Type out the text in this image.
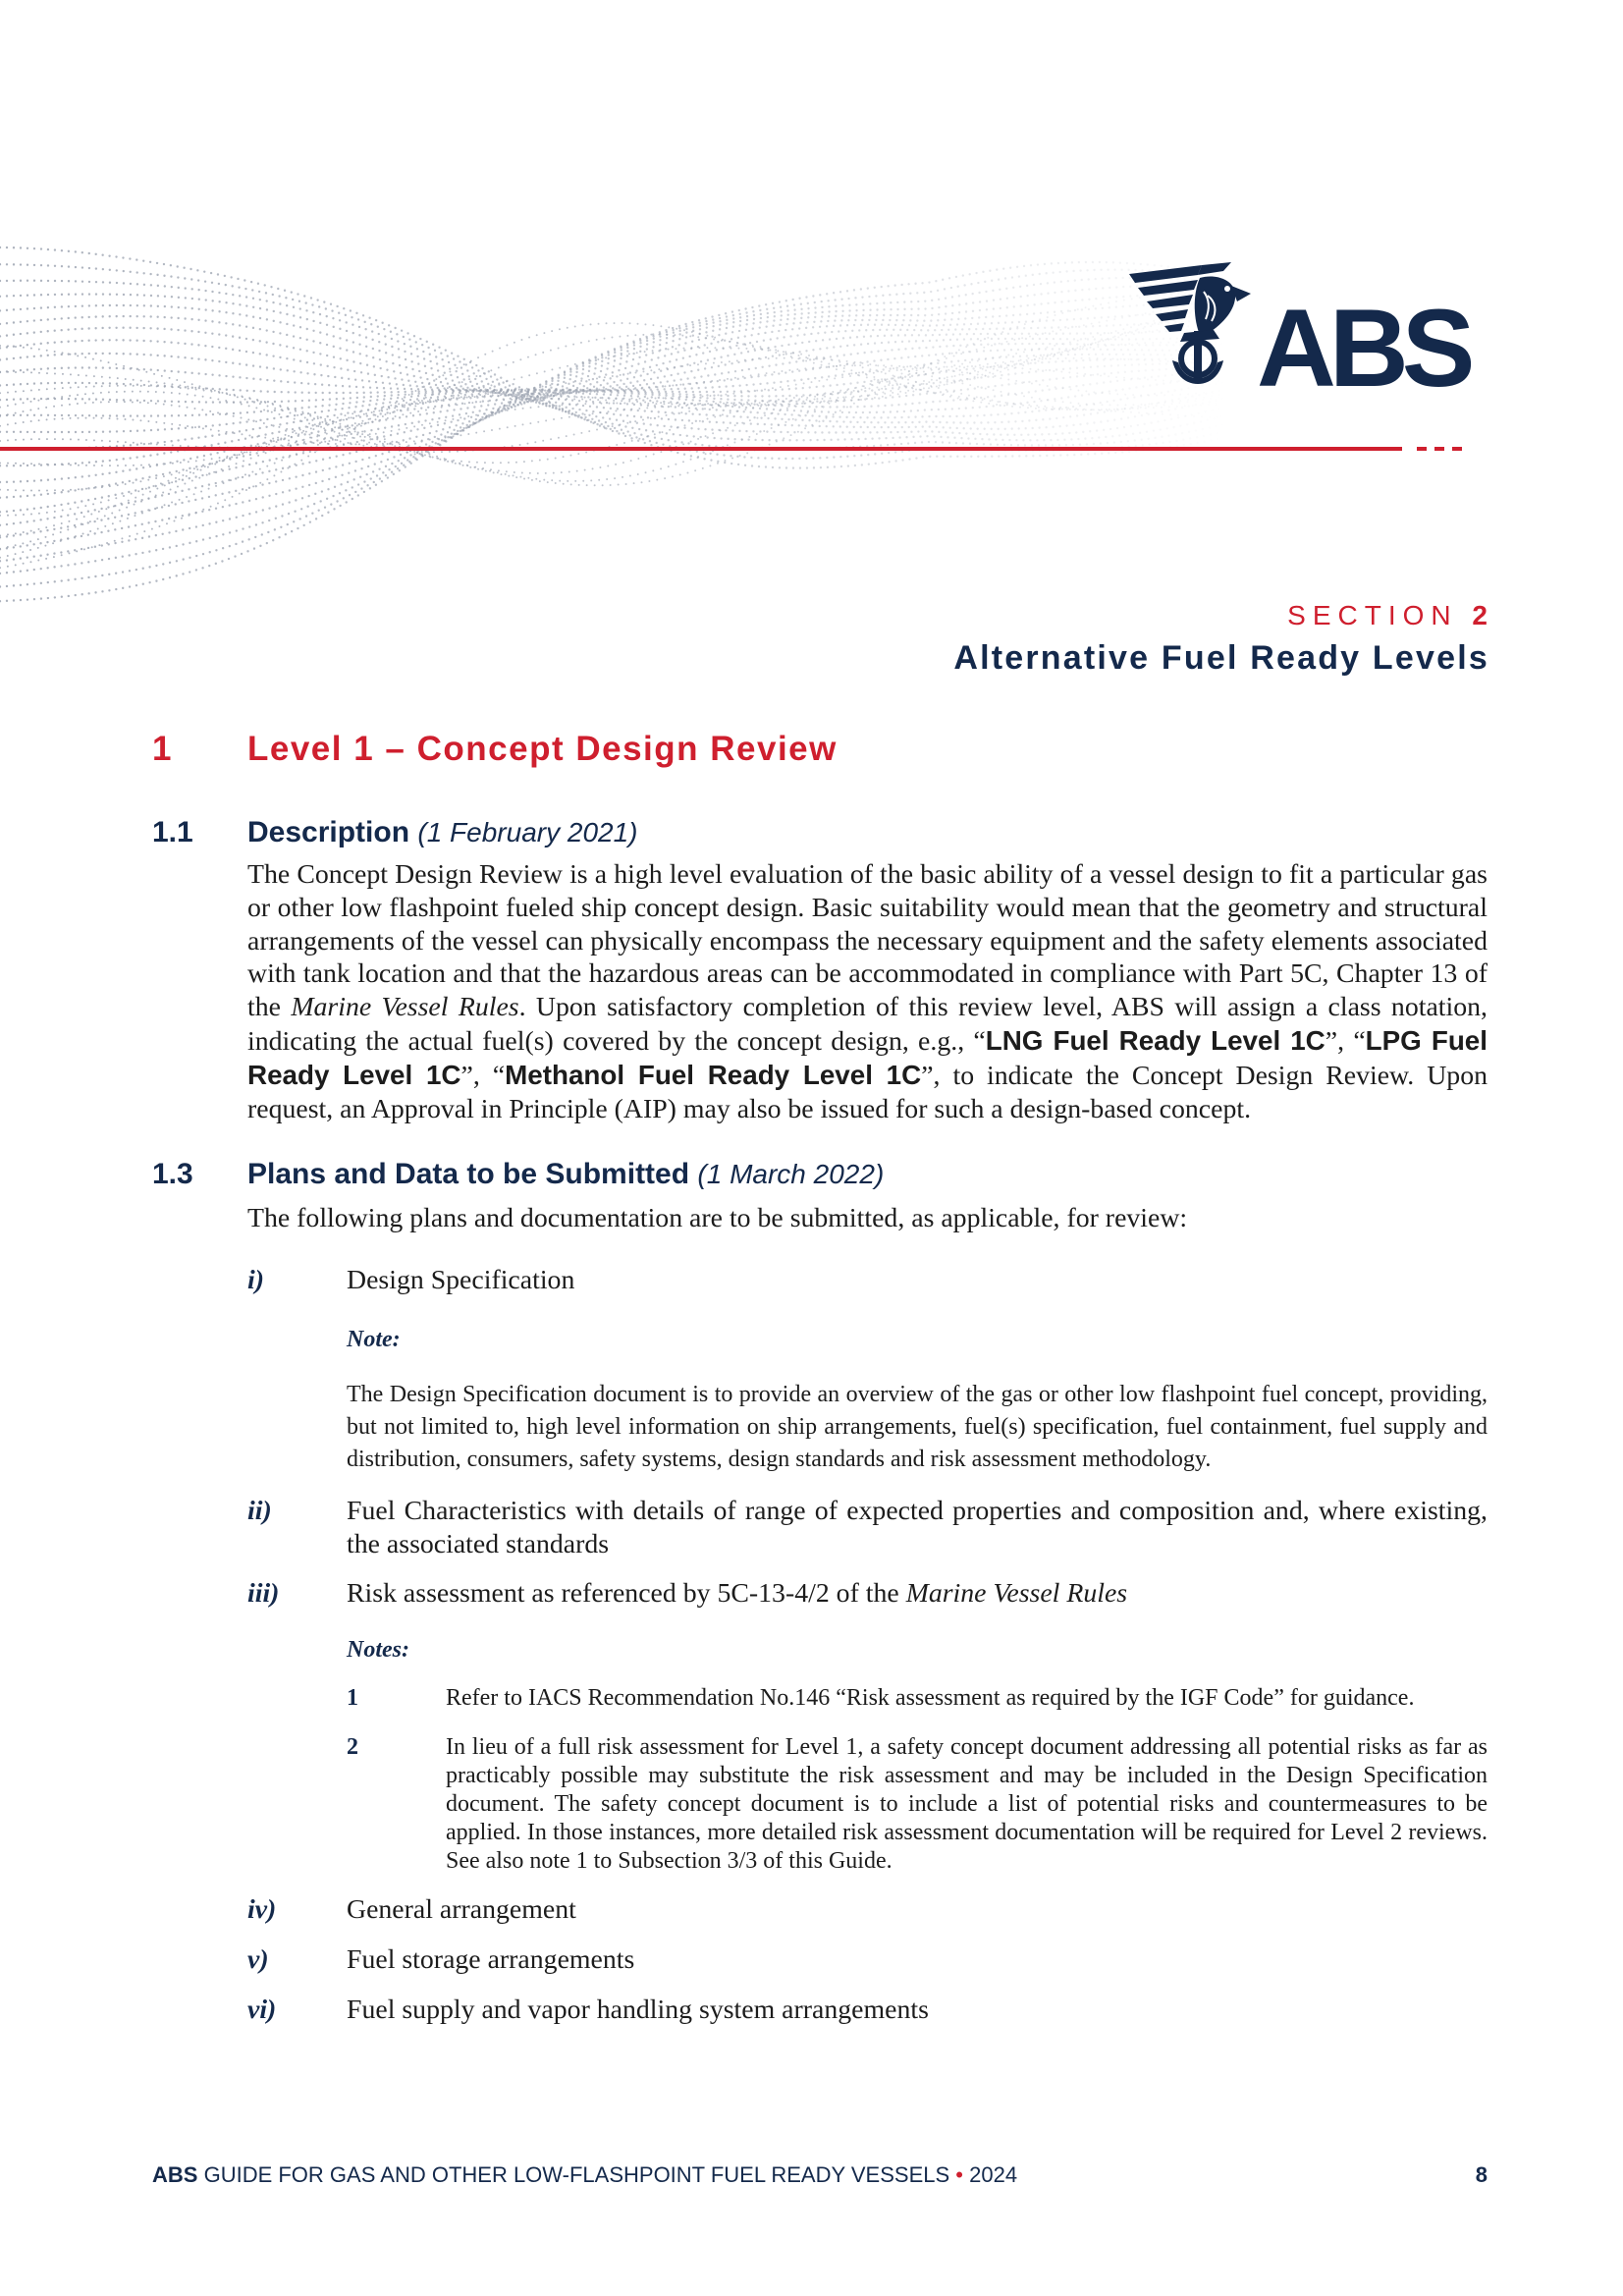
ABS
SECTION 2
Alternative Fuel Ready Levels
1	Level 1 – Concept Design Review
1.1	Description (1 February 2021)
The Concept Design Review is a high level evaluation of the basic ability of a vessel design to fit a particular gas or other low flashpoint fueled ship concept design. Basic suitability would mean that the geometry and structural arrangements of the vessel can physically encompass the necessary equipment and the safety elements associated with tank location and that the hazardous areas can be accommodated in compliance with Part 5C, Chapter 13 of the Marine Vessel Rules. Upon satisfactory completion of this review level, ABS will assign a class notation, indicating the actual fuel(s) covered by the concept design, e.g., “LNG Fuel Ready Level 1C”, “LPG Fuel Ready Level 1C”, “Methanol Fuel Ready Level 1C”, to indicate the Concept Design Review. Upon request, an Approval in Principle (AIP) may also be issued for such a design-based concept.
1.3	Plans and Data to be Submitted (1 March 2022)
The following plans and documentation are to be submitted, as applicable, for review:
i)	Design Specification
Note:
The Design Specification document is to provide an overview of the gas or other low flashpoint fuel concept, providing, but not limited to, high level information on ship arrangements, fuel(s) specification, fuel containment, fuel supply and distribution, consumers, safety systems, design standards and risk assessment methodology.
ii)	Fuel Characteristics with details of range of expected properties and composition and, where existing, the associated standards
iii)	Risk assessment as referenced by 5C-13-4/2 of the Marine Vessel Rules
Notes:
1	Refer to IACS Recommendation No.146 “Risk assessment as required by the IGF Code” for guidance.
2	In lieu of a full risk assessment for Level 1, a safety concept document addressing all potential risks as far as practicably possible may substitute the risk assessment and may be included in the Design Specification document. The safety concept document is to include a list of potential risks and countermeasures to be applied. In those instances, more detailed risk assessment documentation will be required for Level 2 reviews. See also note 1 to Subsection 3/3 of this Guide.
iv)	General arrangement
v)	Fuel storage arrangements
vi)	Fuel supply and vapor handling system arrangements
ABS GUIDE FOR GAS AND OTHER LOW-FLASHPOINT FUEL READY VESSELS • 2024	8
